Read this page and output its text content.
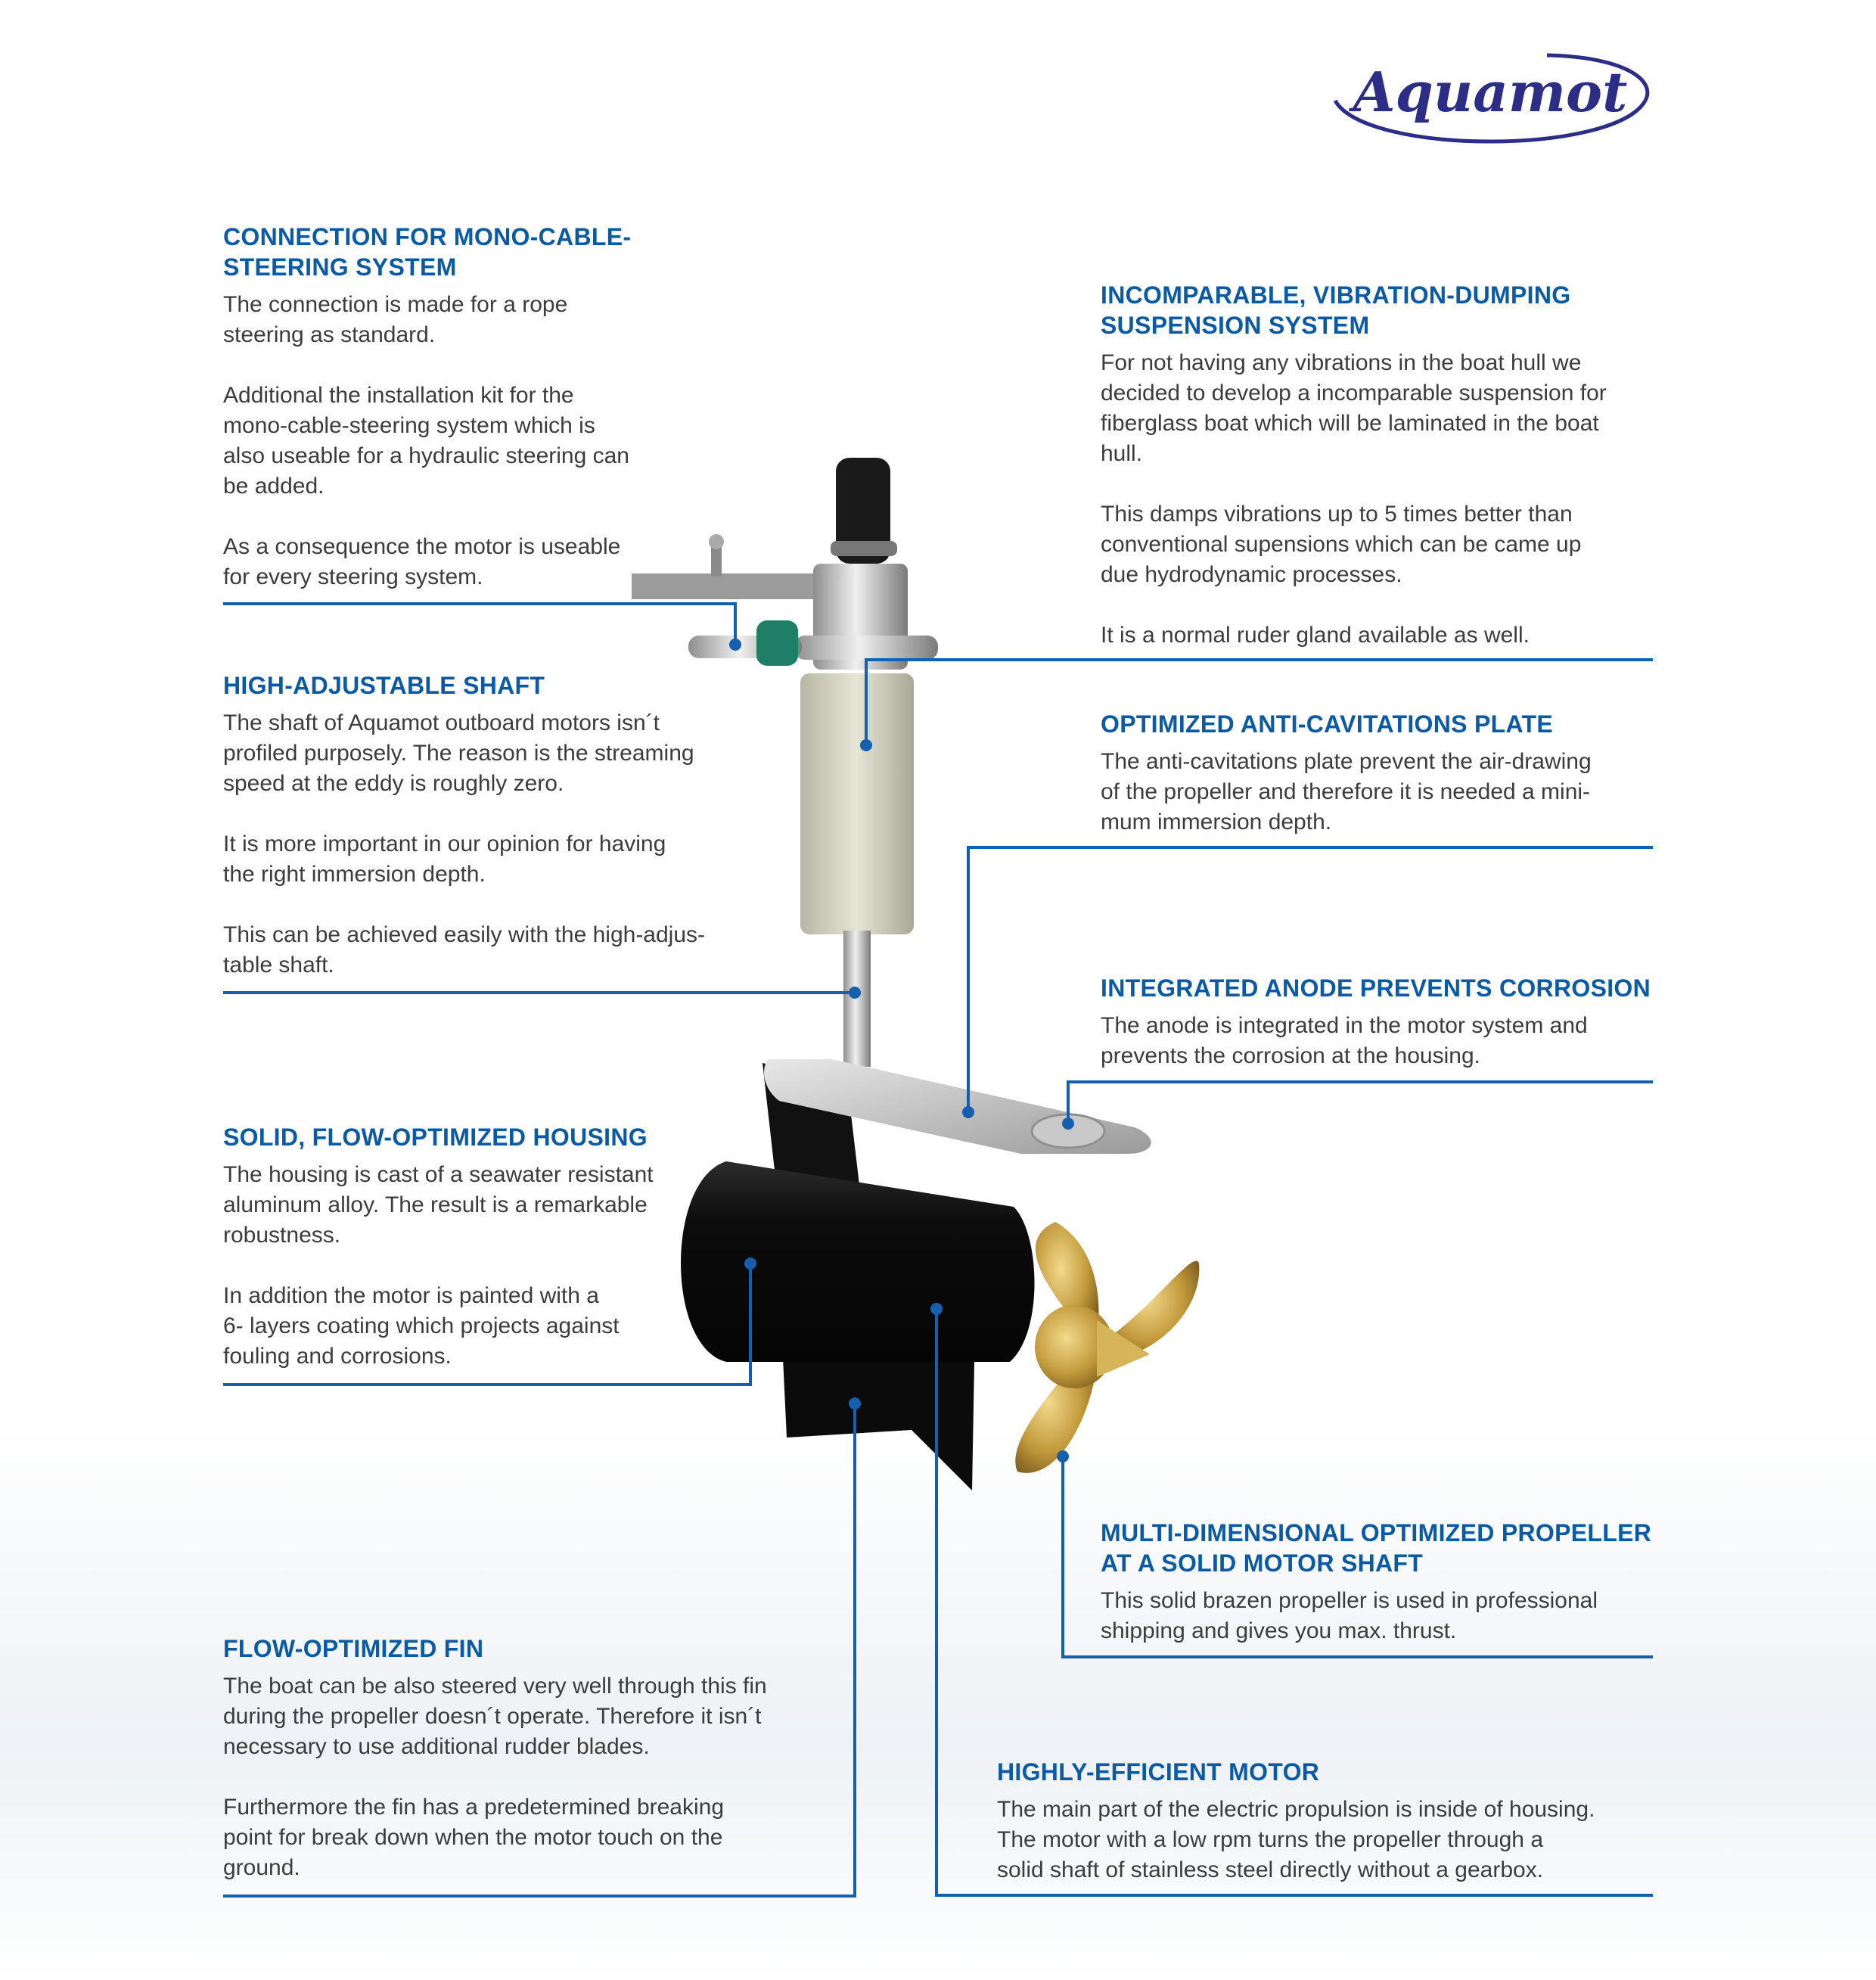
Aquamot
CONNECTION FOR MONO-CABLE-
STEERING SYSTEM

The connection is made for a rope
steering as standard.

Additional the installation kit for the
mono-cable-steering system which is
also useable for a hydraulic steering can
be added.

As a consequence the motor is useable
for every steering system.

HIGH-ADJUSTABLE SHAFT

The shaft of Aquamot outboard motors isn´t
profiled purposely. The reason is the streaming
speed at the eddy is roughly zero.

It is more important in our opinion for having
the right immersion depth.

This can be achieved easily with the high-adjus-
table shaft.

SOLID, FLOW-OPTIMIZED HOUSING

The housing is cast of a seawater resistant
aluminum alloy. The result is a remarkable
robustness.

In addition the motor is painted with a
6- layers coating which projects against
fouling and corrosions.

FLOW-OPTIMIZED FIN

The boat can be also steered very well through this fin
during the propeller doesn´t operate. Therefore it isn´t
necessary to use additional rudder blades.

Furthermore the fin has a predetermined breaking
point for break down when the motor touch on the
ground.

INCOMPARABLE, VIBRATION-DUMPING
SUSPENSION SYSTEM

For not having any vibrations in the boat hull we
decided to develop a incomparable suspension for
fiberglass boat which will be laminated in the boat
hull.

This damps vibrations up to 5 times better than
conventional supensions which can be came up
due hydrodynamic processes.

It is a normal ruder gland available as well.

OPTIMIZED ANTI-CAVITATIONS PLATE

The anti-cavitations plate prevent the air-drawing
of the propeller and therefore it is needed a mini-
mum immersion depth.

INTEGRATED ANODE PREVENTS CORROSION

The anode is integrated in the motor system and
prevents the corrosion at the housing.

MULTI-DIMENSIONAL OPTIMIZED PROPELLER
AT A SOLID MOTOR SHAFT

This solid brazen propeller is used in professional
shipping and gives you max. thrust.

HIGHLY-EFFICIENT MOTOR

The main part of the electric propulsion is inside of housing.
The motor with a low rpm turns the propeller through a
solid shaft of stainless steel directly without a gearbox.
